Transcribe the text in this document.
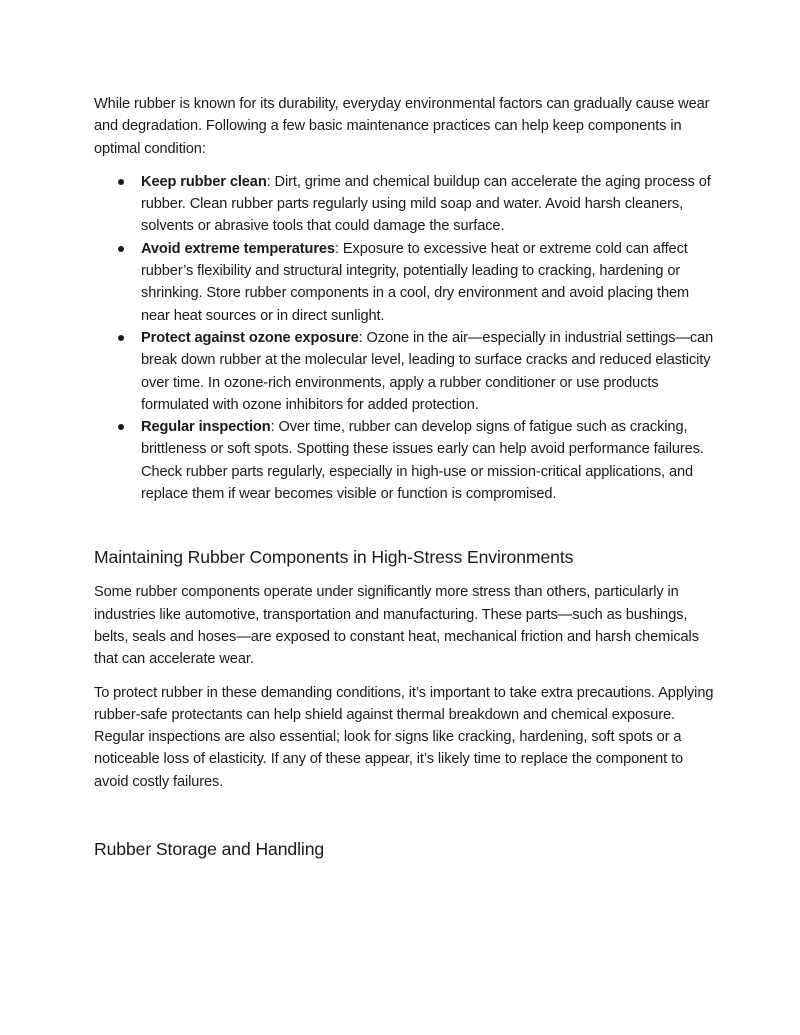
While rubber is known for its durability, everyday environmental factors can gradually cause wear and degradation. Following a few basic maintenance practices can help keep components in optimal condition:

Keep rubber clean: Dirt, grime and chemical buildup can accelerate the aging process of rubber. Clean rubber parts regularly using mild soap and water. Avoid harsh cleaners, solvents or abrasive tools that could damage the surface.
Avoid extreme temperatures: Exposure to excessive heat or extreme cold can affect rubber’s flexibility and structural integrity, potentially leading to cracking, hardening or shrinking. Store rubber components in a cool, dry environment and avoid placing them near heat sources or in direct sunlight.
Protect against ozone exposure: Ozone in the air—especially in industrial settings—can break down rubber at the molecular level, leading to surface cracks and reduced elasticity over time. In ozone-rich environments, apply a rubber conditioner or use products formulated with ozone inhibitors for added protection.
Regular inspection: Over time, rubber can develop signs of fatigue such as cracking, brittleness or soft spots. Spotting these issues early can help avoid performance failures. Check rubber parts regularly, especially in high-use or mission-critical applications, and replace them if wear becomes visible or function is compromised.
Maintaining Rubber Components in High-Stress Environments

Some rubber components operate under significantly more stress than others, particularly in industries like automotive, transportation and manufacturing. These parts—such as bushings, belts, seals and hoses—are exposed to constant heat, mechanical friction and harsh chemicals that can accelerate wear.

To protect rubber in these demanding conditions, it’s important to take extra precautions. Applying rubber-safe protectants can help shield against thermal breakdown and chemical exposure. Regular inspections are also essential; look for signs like cracking, hardening, soft spots or a noticeable loss of elasticity. If any of these appear, it’s likely time to replace the component to avoid costly failures.

Rubber Storage and Handling
